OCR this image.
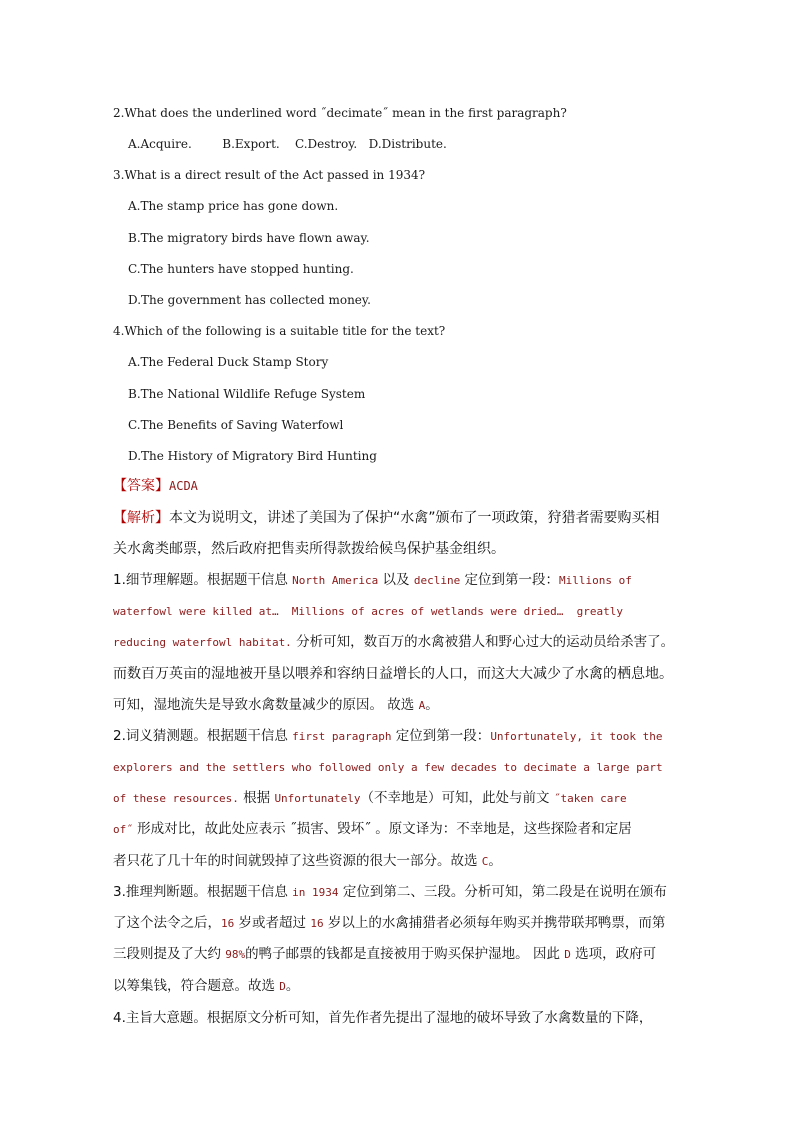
2.What does the underlined word ˝decimate˝ mean in the first paragraph?
A.Acquire.        B.Export.    C.Destroy.   D.Distribute.
3.What is a direct result of the Act passed in 1934?
A.The stamp price has gone down.
B.The migratory birds have flown away.
C.The hunters have stopped hunting.
D.The government has collected money.
4.Which of the following is a suitable title for the text?
A.The Federal Duck Stamp Story
B.The National Wildlife Refuge System
C.The Benefits of Saving Waterfowl
D.The History of Migratory Bird Hunting
【答案】ACDA
【解析】本文为说明文，讲述了美国为了保护“水禽”颁布了一项政策，狩猎者需要购买相
关水禽类邮票，然后政府把售卖所得款拨给候鸟保护基金组织。
1.细节理解题。根据题干信息 North America 以及 decline 定位到第一段：Millions of
waterfowl were killed at…  Millions of acres of wetlands were dried…  greatly
reducing waterfowl habitat. 分析可知，数百万的水禽被猎人和野心过大的运动员给杀害了。
而数百万英亩的湿地被开垦以喂养和容纳日益增长的人口，而这大大减少了水禽的栖息地。
可知，湿地流失是导致水禽数量减少的原因。 故选 A。
2.词义猜测题。根据题干信息 first paragraph 定位到第一段：Unfortunately, it took the
explorers and the settlers who followed only a few decades to decimate a large part
of these resources. 根据 Unfortunately（不幸地是）可知，此处与前文 ˝taken care
of˝ 形成对比，故此处应表示 ˝损害、毁坏˝ 。原文译为：不幸地是，这些探险者和定居
者只花了几十年的时间就毁掉了这些资源的很大一部分。故选 C。
3.推理判断题。根据题干信息 in 1934 定位到第二、三段。分析可知，第二段是在说明在颁布
了这个法令之后，16 岁或者超过 16 岁以上的水禽捕猎者必须每年购买并携带联邦鸭票，而第
三段则提及了大约 98%的鸭子邮票的钱都是直接被用于购买保护湿地。 因此 D 选项，政府可
以筹集钱，符合题意。故选 D。
4.主旨大意题。根据原文分析可知，首先作者先提出了湿地的破坏导致了水禽数量的下降，
